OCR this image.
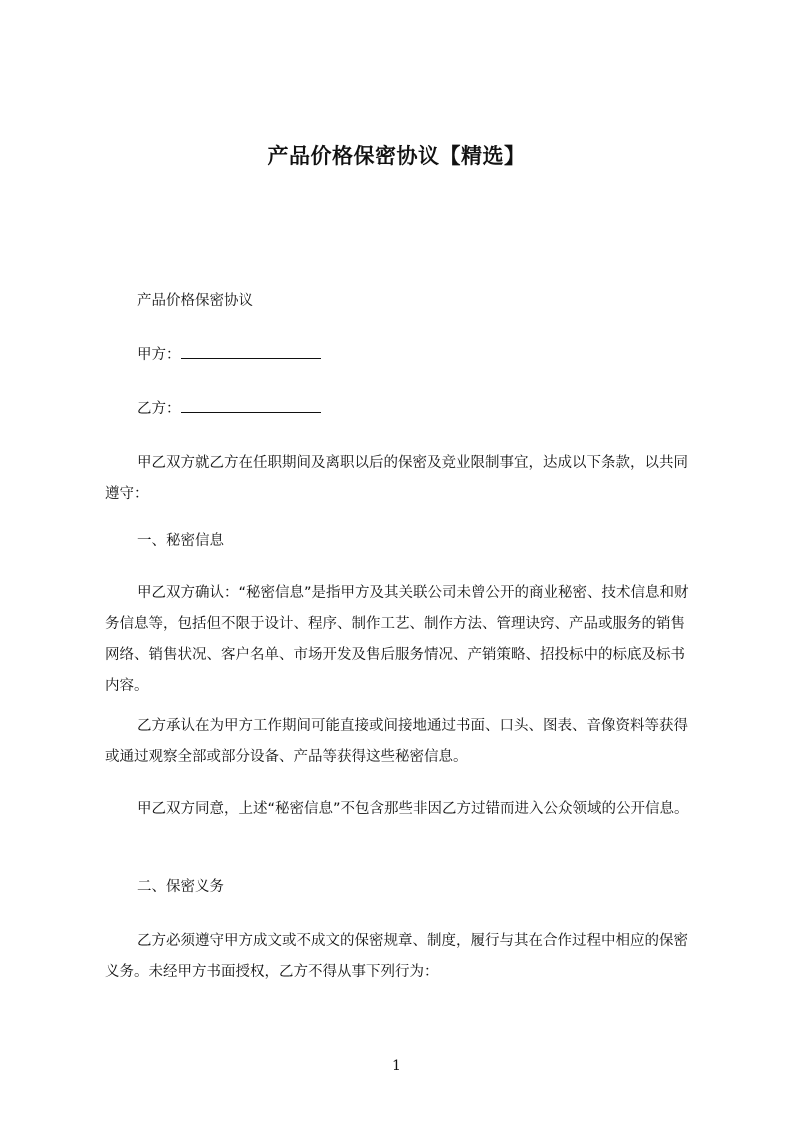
产品价格保密协议【精选】
产品价格保密协议
甲方：
乙方：
甲乙双方就乙方在任职期间及离职以后的保密及竞业限制事宜，达成以下条款，以共同遵守：
一、秘密信息
甲乙双方确认：“秘密信息”是指甲方及其关联公司未曾公开的商业秘密、技术信息和财务信息等，包括但不限于设计、程序、制作工艺、制作方法、管理诀窍、产品或服务的销售网络、销售状况、客户名单、市场开发及售后服务情况、产销策略、招投标中的标底及标书内容。
乙方承认在为甲方工作期间可能直接或间接地通过书面、口头、图表、音像资料等获得或通过观察全部或部分设备、产品等获得这些秘密信息。
甲乙双方同意，上述“秘密信息”不包含那些非因乙方过错而进入公众领域的公开信息。
二、保密义务
乙方必须遵守甲方成文或不成文的保密规章、制度，履行与其在合作过程中相应的保密义务。未经甲方书面授权，乙方不得从事下列行为：
1
